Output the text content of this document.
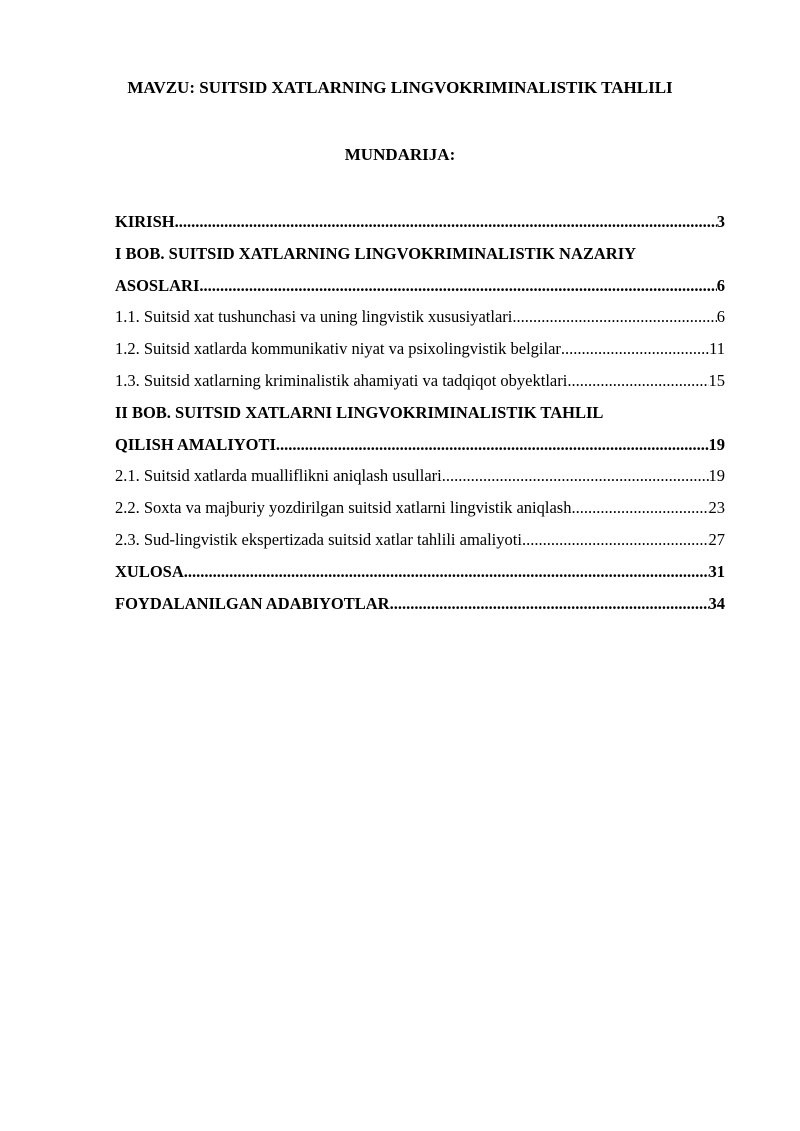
MAVZU: SUITSID XATLARNING LINGVOKRIMINALISTIK TAHLILI
MUNDARIJA:
KIRISH .....	3
I BOB. SUITSID XATLARNING LINGVOKRIMINALISTIK NAZARIY
ASOSLARI .....	6
1.1. Suitsid xat tushunchasi va uning lingvistik xususiyatlari .....	6
1.2. Suitsid xatlarda kommunikativ niyat va psixolingvistik belgilar .....	11
1.3. Suitsid xatlarning kriminalistik ahamiyati va tadqiqot obyektlari .....	15
II BOB. SUITSID XATLARNI LINGVOKRIMINALISTIK TAHLIL
QILISH AMALIYOTI .....	19
2.1. Suitsid xatlarda mualliflikni aniqlash usullari .....	19
2.2. Soxta va majburiy yozdirilgan suitsid xatlarni lingvistik aniqlash .....	23
2.3. Sud-lingvistik ekspertizada suitsid xatlar tahlili amaliyoti .....	27
XULOSA .....	31
FOYDALANILGAN ADABIYOTLAR .....	34
